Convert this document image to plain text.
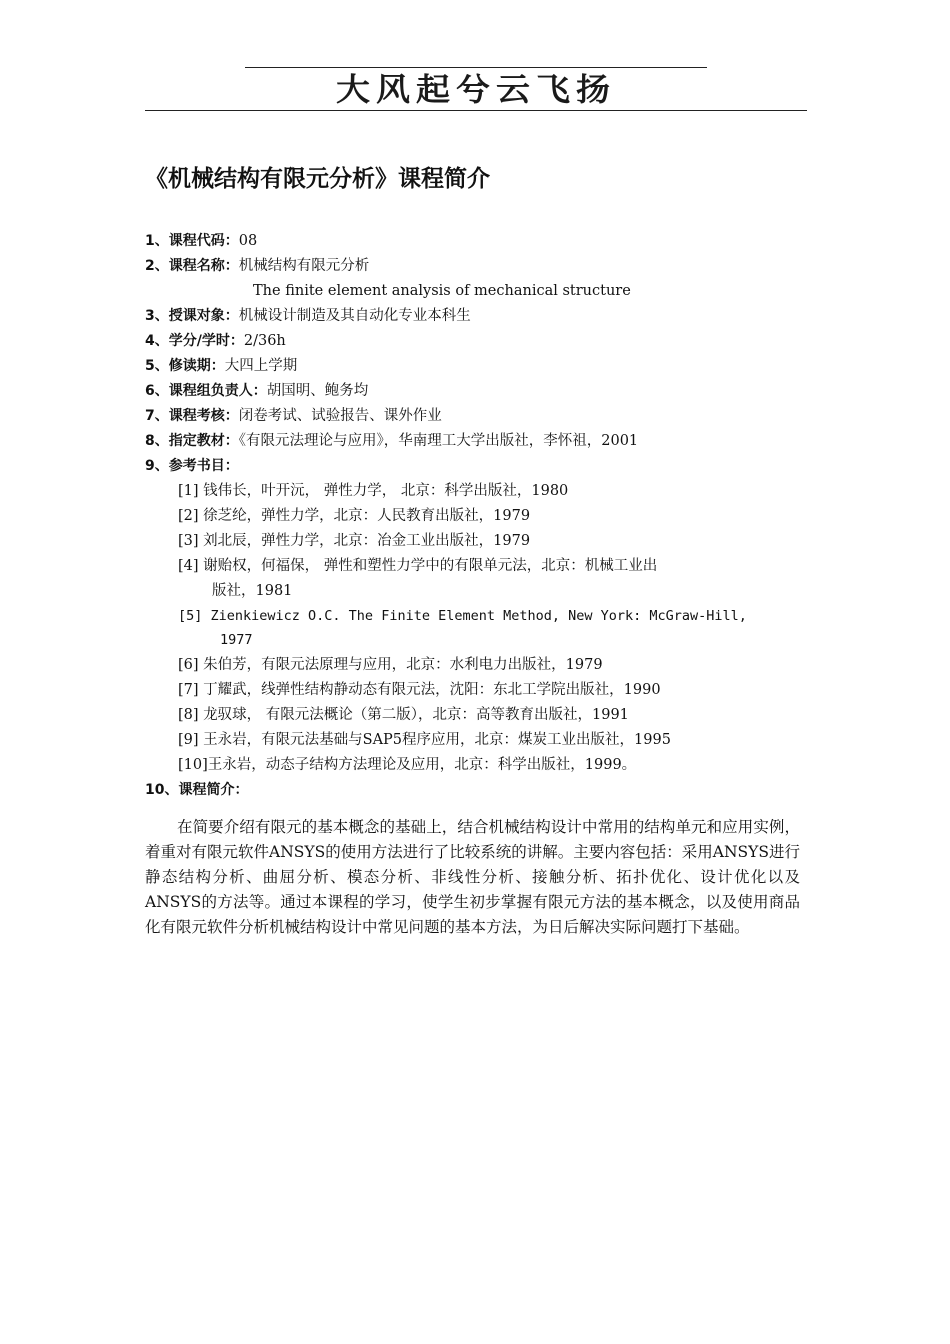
大风起兮云飞扬
《机械结构有限元分析》课程简介
1、课程代码：08
2、课程名称：机械结构有限元分析
The finite element analysis of mechanical structure
3、授课对象：机械设计制造及其自动化专业本科生
4、学分/学时：2/36h
5、修读期：大四上学期
6、课程组负责人：胡国明、鲍务均
7、课程考核：闭卷考试、试验报告、课外作业
8、指定教材：《有限元法理论与应用》，华南理工大学出版社，李怀祖，2001
9、参考书目：
[1] 钱伟长，叶开沅， 弹性力学， 北京：科学出版社，1980
[2] 徐芝纶，弹性力学，北京：人民教育出版社，1979
[3] 刘北辰，弹性力学，北京：冶金工业出版社，1979
[4] 谢贻权，何福保， 弹性和塑性力学中的有限单元法，北京：机械工业出
版社，1981
[5] Zienkiewicz O.C. The Finite Element Method, New York: McGraw-Hill,
1977
[6] 朱伯芳，有限元法原理与应用，北京：水利电力出版社，1979
[7] 丁耀武，线弹性结构静动态有限元法，沈阳：东北工学院出版社，1990
[8] 龙驭球， 有限元法概论（第二版），北京：高等教育出版社，1991
[9] 王永岩，有限元法基础与SAP5程序应用，北京：煤炭工业出版社，1995
[10]王永岩，动态子结构方法理论及应用，北京：科学出版社，1999。
10、课程简介：

在简要介绍有限元的基本概念的基础上，结合机械结构设计中常用的结构单元和应用实例，着重对有限元软件ANSYS的使用方法进行了比较系统的讲解。主要内容包括：采用ANSYS进行静态结构分析、曲屈分析、模态分析、非线性分析、接触分析、拓扑优化、设计优化以及ANSYS的方法等。通过本课程的学习，使学生初步掌握有限元方法的基本概念，以及使用商品化有限元软件分析机械结构设计中常见问题的基本方法，为日后解决实际问题打下基础。
